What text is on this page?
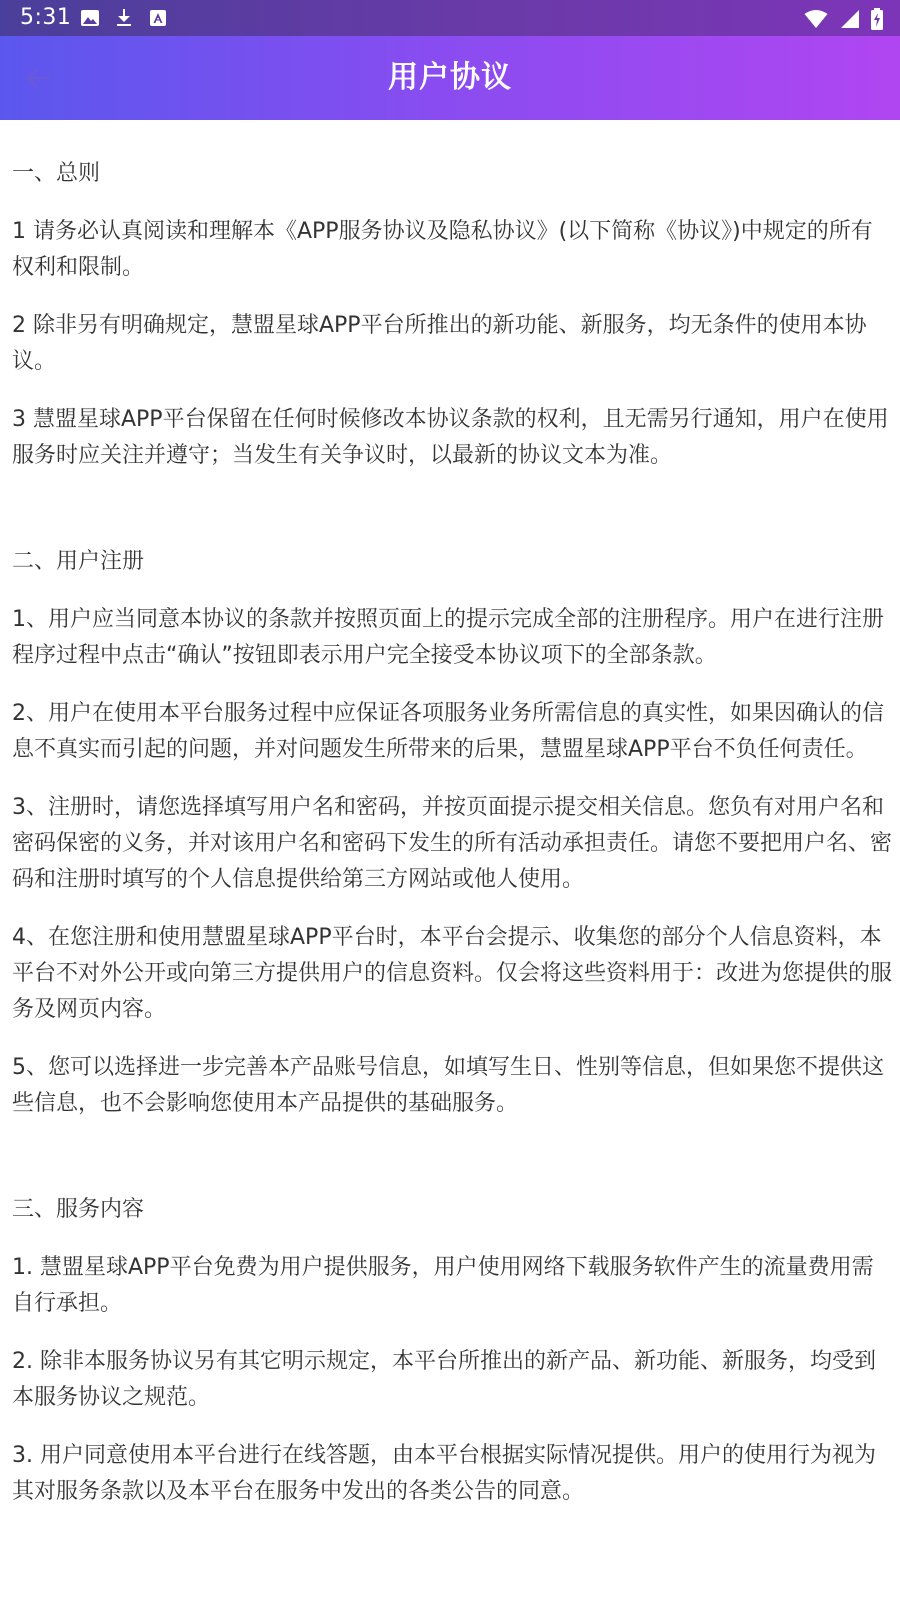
5:31
用户协议

一、总则

1 请务必认真阅读和理解本《APP服务协议及隐私协议》(以下简称《协议》)中规定的所有权利和限制。

2 除非另有明确规定，慧盟星球APP平台所推出的新功能、新服务，均无条件的使用本协议。

3 慧盟星球APP平台保留在任何时候修改本协议条款的权利，且无需另行通知，用户在使用服务时应关注并遵守；当发生有关争议时，以最新的协议文本为准。

二、用户注册

1、用户应当同意本协议的条款并按照页面上的提示完成全部的注册程序。用户在进行注册程序过程中点击“确认”按钮即表示用户完全接受本协议项下的全部条款。

2、用户在使用本平台服务过程中应保证各项服务业务所需信息的真实性，如果因确认的信息不真实而引起的问题，并对问题发生所带来的后果，慧盟星球APP平台不负任何责任。

3、注册时，请您选择填写用户名和密码，并按页面提示提交相关信息。您负有对用户名和密码保密的义务，并对该用户名和密码下发生的所有活动承担责任。请您不要把用户名、密码和注册时填写的个人信息提供给第三方网站或他人使用。

4、在您注册和使用慧盟星球APP平台时，本平台会提示、收集您的部分个人信息资料，本平台不对外公开或向第三方提供用户的信息资料。仅会将这些资料用于：改进为您提供的服务及网页内容。

5、您可以选择进一步完善本产品账号信息，如填写生日、性别等信息，但如果您不提供这些信息，也不会影响您使用本产品提供的基础服务。

三、服务内容

1. 慧盟星球APP平台免费为用户提供服务，用户使用网络下载服务软件产生的流量费用需自行承担。

2. 除非本服务协议另有其它明示规定，本平台所推出的新产品、新功能、新服务，均受到本服务协议之规范。

3. 用户同意使用本平台进行在线答题，由本平台根据实际情况提供。用户的使用行为视为其对服务条款以及本平台在服务中发出的各类公告的同意。
